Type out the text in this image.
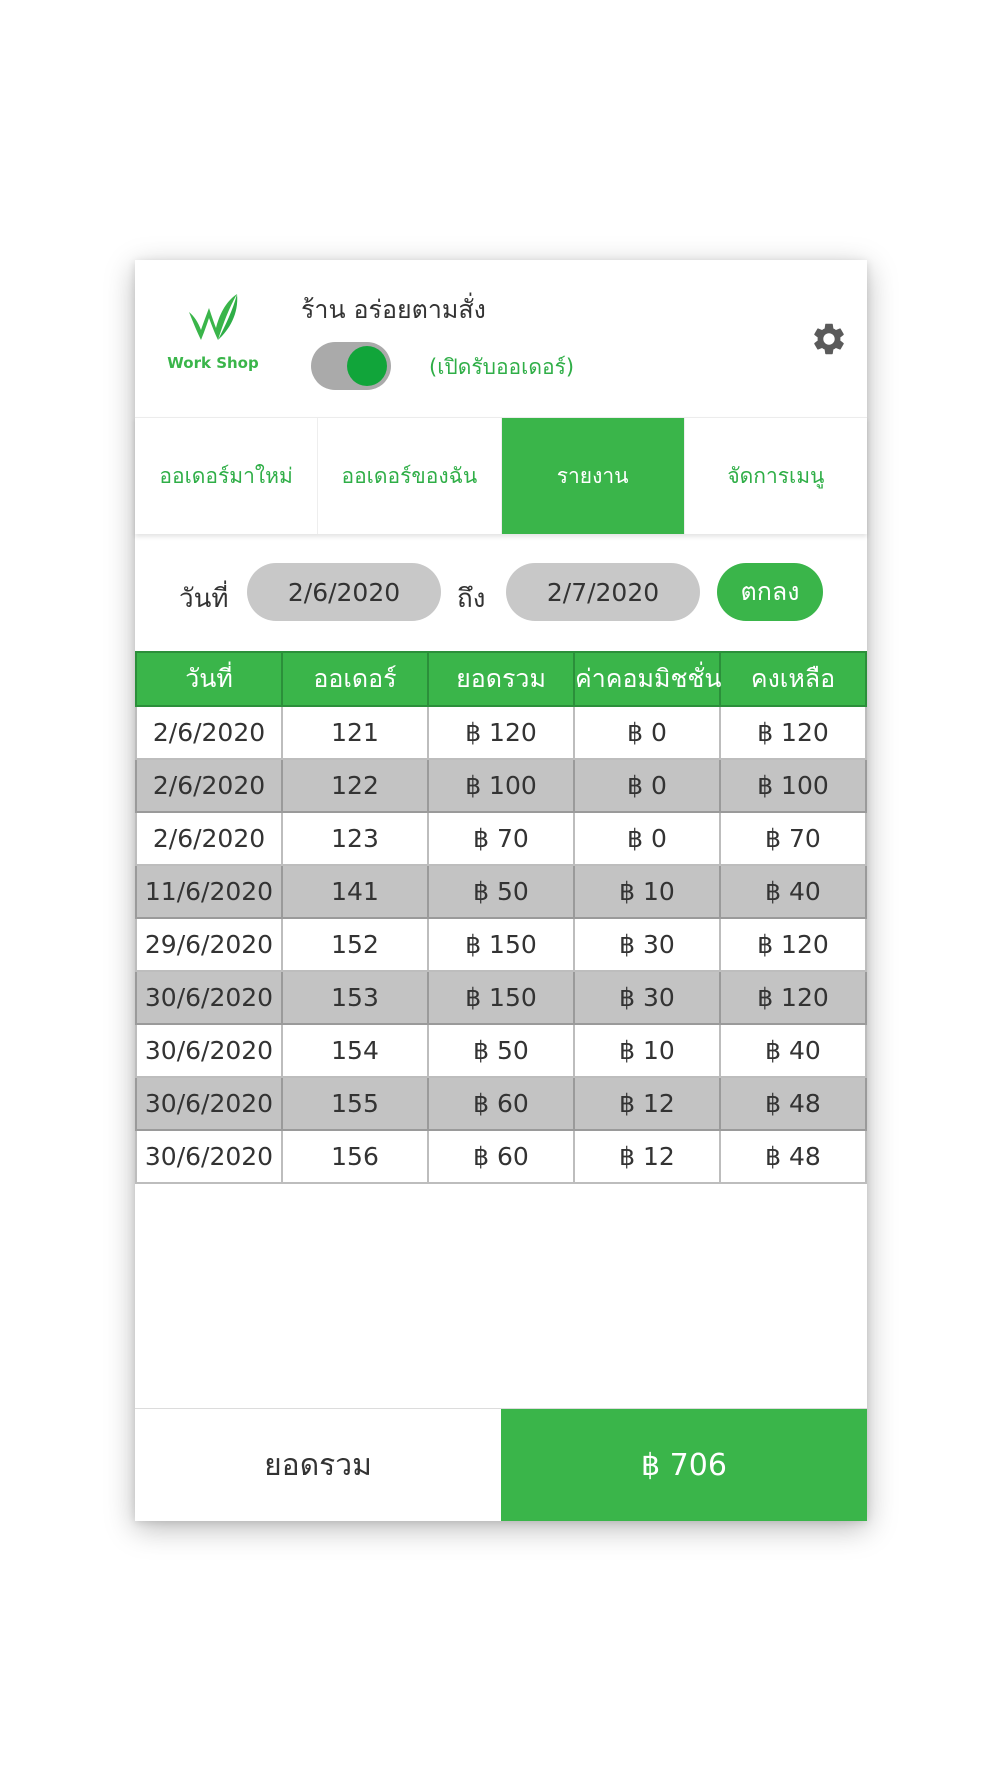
Work Shop
ร้าน อร่อยตามสั่ง
(เปิดรับออเดอร์)
ออเดอร์มาใหม่	ออเดอร์ของฉัน	รายงาน	จัดการเมนู
วันที่
2/6/2020	ถึง
2/7/2020	ตกลง
วันที่	ออเดอร์	ยอดรวม	ค่าคอมมิชชั่น	คงเหลือ
2/6/2020	121	฿ 120	฿ 0	฿ 120
2/6/2020	122	฿ 100	฿ 0	฿ 100
2/6/2020	123	฿ 70	฿ 0	฿ 70
11/6/2020	141	฿ 50	฿ 10	฿ 40
29/6/2020	152	฿ 150	฿ 30	฿ 120
30/6/2020	153	฿ 150	฿ 30	฿ 120
30/6/2020	154	฿ 50	฿ 10	฿ 40
30/6/2020	155	฿ 60	฿ 12	฿ 48
30/6/2020	156	฿ 60	฿ 12	฿ 48
ยอดรวม	฿ 706
